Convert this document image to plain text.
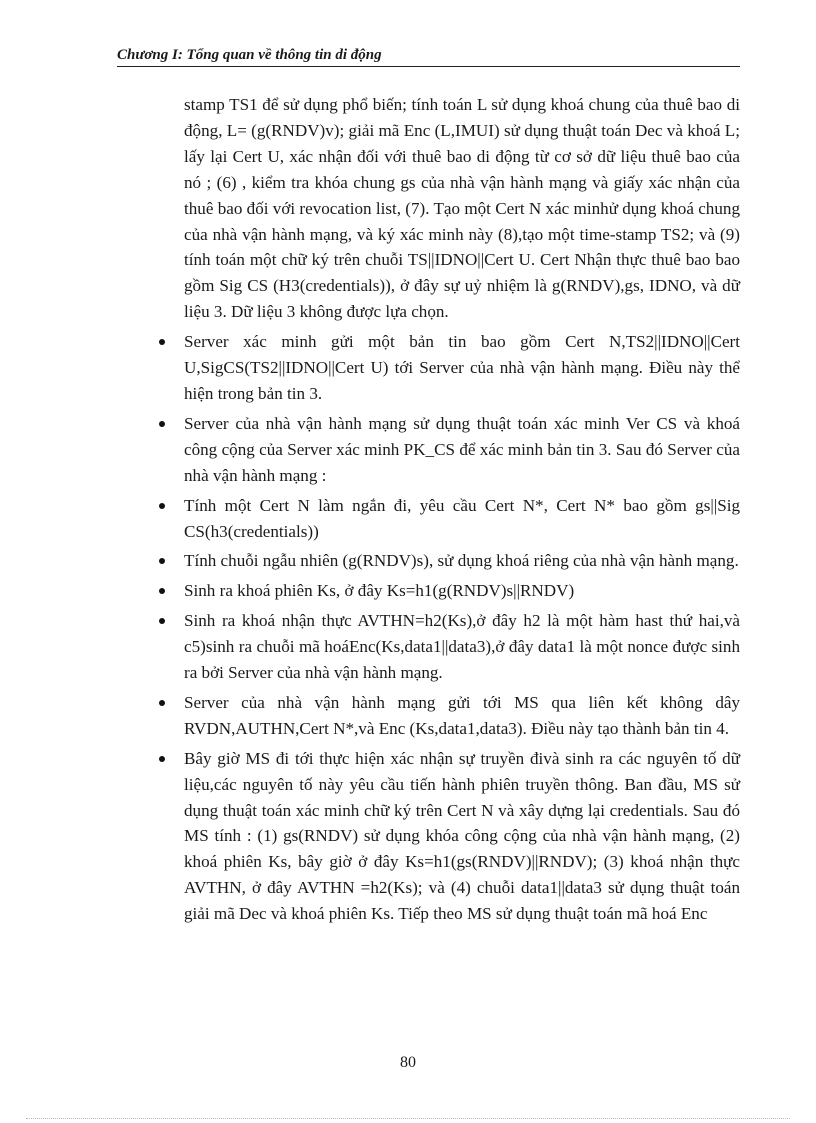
Chương I: Tổng quan về thông tin di động

stamp TS1 để sử dụng phổ biến; tính toán L sử dụng khoá chung của thuê bao di động, L= (g(RNDV)v); giải mã Enc (L,IMUI) sử dụng thuật toán Dec và khoá L; lấy lại Cert U, xác nhận đối với thuê bao di động từ cơ sở dữ liệu thuê bao của nó ; (6) , kiểm tra khóa chung gs của nhà vận hành mạng và giấy xác nhận của thuê bao đối với revocation list, (7). Tạo một Cert N xác minhử dụng khoá chung của nhà vận hành mạng, và ký xác minh này (8),tạo một time-stamp TS2; và (9) tính toán một chữ ký trên chuỗi TS||IDNO||Cert U. Cert Nhận thực thuê bao bao gồm Sig CS (H3(credentials)), ở đây sự uỷ nhiệm là g(RNDV),gs, IDNO, và dữ liệu 3. Dữ liệu 3 không được lựa chọn.

Server xác minh gửi một bản tin bao gồm Cert N,TS2||IDNO||Cert U,SigCS(TS2||IDNO||Cert U) tới Server của nhà vận hành mạng. Điều này thể hiện trong bản tin 3.
Server của nhà vận hành mạng sử dụng thuật toán xác minh Ver CS và khoá công cộng của Server xác minh PK_CS để xác minh bản tin 3. Sau đó Server của nhà vận hành mạng :
Tính một Cert N làm ngắn đi, yêu cầu Cert N*, Cert N* bao gồm gs||Sig CS(h3(credentials))
Tính chuỗi ngẫu nhiên (g(RNDV)s), sử dụng khoá riêng của nhà vận hành mạng.
Sinh ra khoá phiên Ks, ở đây Ks=h1(g(RNDV)s||RNDV)
Sinh ra khoá nhận thực AVTHN=h2(Ks),ở đây h2 là một hàm hast thứ hai,và c5)sinh ra chuỗi mã hoáEnc(Ks,data1||data3),ở đây data1 là một nonce được sinh ra bởi Server của nhà vận hành mạng.
Server của nhà vận hành mạng gửi tới MS qua liên kết không dây RVDN,AUTHN,Cert N*,và Enc (Ks,data1,data3). Điều này tạo thành bản tin 4.
Bây giờ MS đi tới thực hiện xác nhận sự truyền đivà sinh ra các nguyên tố dữ liệu,các nguyên tố này yêu cầu tiến hành phiên truyền thông. Ban đầu, MS sử dụng thuật toán xác minh chữ ký trên Cert N và xây dựng lại credentials. Sau đó MS tính : (1) gs(RNDV) sử dụng khóa công cộng của nhà vận hành mạng, (2) khoá phiên Ks, bây giờ ở đây Ks=h1(gs(RNDV)||RNDV); (3) khoá nhận thực AVTHN, ở đây AVTHN =h2(Ks); và (4) chuỗi data1||data3 sử dụng thuật toán giải mã Dec và khoá phiên Ks. Tiếp theo MS sử dụng thuật toán mã hoá Enc
80
